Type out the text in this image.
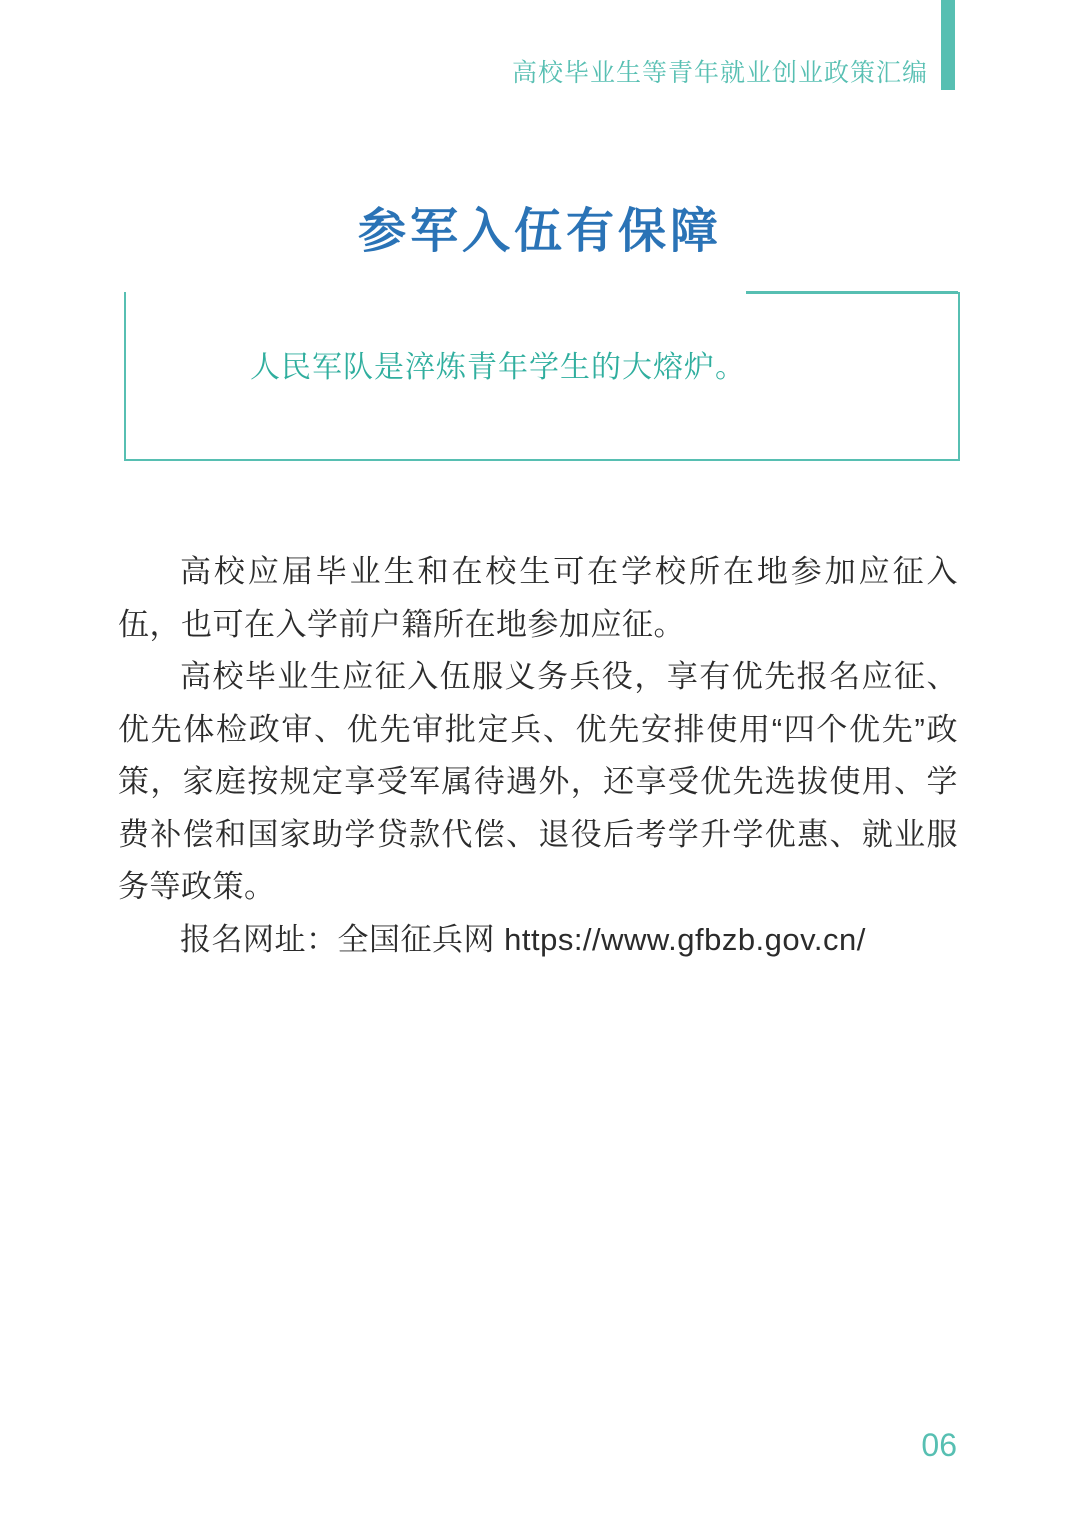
高校毕业生等青年就业创业政策汇编
参军入伍有保障
人民军队是淬炼青年学生的大熔炉。

高校应届毕业生和在校生可在学校所在地参加应征入伍，也可在入学前户籍所在地参加应征。

高校毕业生应征入伍服义务兵役，享有优先报名应征、优先体检政审、优先审批定兵、优先安排使用“四个优先”政策，家庭按规定享受军属待遇外，还享受优先选拔使用、学费补偿和国家助学贷款代偿、退役后考学升学优惠、就业服务等政策。

报名网址：全国征兵网 https://www.gfbzb.gov.cn/

06
